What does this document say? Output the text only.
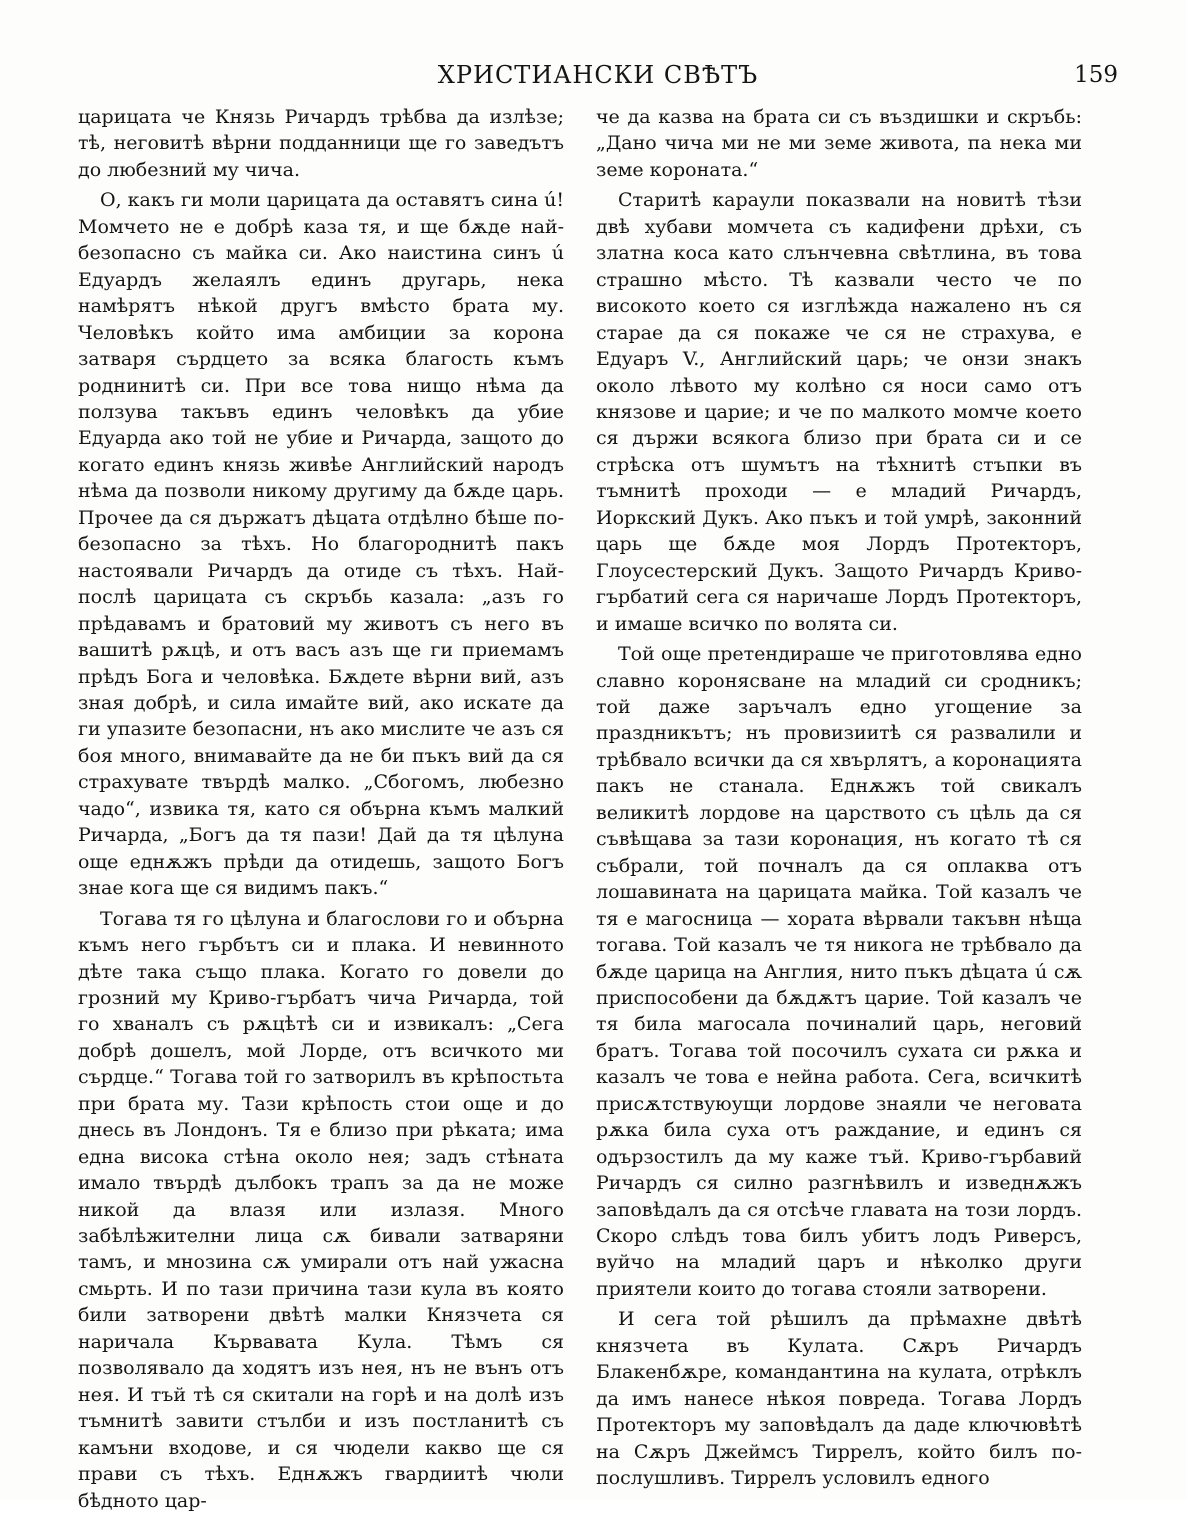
ХРИСТИАНСКИ СВѢТЪ	159

царицата че Князь Ричардъ трѣбва да излѣзе; тѣ, неговитѣ вѣрни подданници ще го заведътъ до любезний му чича.

О, какъ ги моли царицата да оставятъ сина ú! Момчето не е добрѣ каза тя, и ще бѫде най-безопасно съ майка си. Ако наистина синъ ú Едуардъ желаялъ единъ другарь, нека намѣрятъ нѣкой другъ вмѣсто брата му. Человѣкъ който има амбиции за корона затваря сърдцето за всяка благость къмъ роднинитѣ си. При все това нищо нѣма да ползува такъвъ единъ человѣкъ да убие Едуарда ако той не убие и Ричарда, защото до когато единъ князь живѣе Английский народъ нѣма да позволи никому другиму да бѫде царь. Прочее да ся държатъ дѣцата отдѣлно бѣше по-безопасно за тѣхъ. Но благороднитѣ пакъ настоявали Ричардъ да отиде съ тѣхъ. Най-послѣ царицата съ скръбь казала: „азъ го прѣдавамъ и братовий му животъ съ него въ вашитѣ рѫцѣ, и отъ васъ азъ ще ги приемамъ прѣдъ Бога и человѣка. Бѫдете вѣрни вий, азъ зная добрѣ, и сила имайте вий, ако искате да ги упазите безопасни, нъ ако мислите че азъ ся боя много, внимавайте да не би пъкъ вий да ся страхувате твърдѣ малко. „Сбогомъ, любезно чадо“, извика тя, като ся обърна къмъ малкий Ричарда, „Богъ да тя пази! Дай да тя цѣлуна още еднѫжъ прѣди да отидешь, защото Богъ знае кога ще ся видимъ пакъ.“

Тогава тя го цѣлуна и благослови го и обърна къмъ него гърбътъ си и плака. И невинното дѣте така също плака. Когато го довели до грозний му Криво-гърбатъ чича Ричарда, той го хваналъ съ рѫцѣтѣ си и извикалъ: „Сега добрѣ дошелъ, мой Лорде, отъ всичкото ми сърдце.“ Тогава той го затворилъ въ крѣпостьта при брата му. Тази крѣпость стои още и до днесь въ Лондонъ. Тя е близо при рѣката; има една висока стѣна около нея; задъ стѣната имало твърдѣ дълбокъ трапъ за да не може никой да влазя или излазя. Много забѣлѣжителни лица сѫ бивали затваряни тамъ, и мнозина сѫ умирали отъ най ужасна смьрть. И по тази причина тази кула въ която били затворени двѣтѣ малки Князчета ся наричала Кървавата Кула. Тѣмъ ся позволявало да ходятъ изъ нея, нъ не вънъ отъ нея. И тъй тѣ ся скитали на горѣ и на долѣ изъ тъмнитѣ завити стълби и изъ постланитѣ съ камъни входове, и ся чюдели какво ще ся прави съ тѣхъ. Еднѫжъ гвардиитѣ чюли бѣдното цар-

че да казва на брата си съ въздишки и скръбь: „Дано чича ми не ми земе живота, па нека ми земе короната.“

Старитѣ караули показвали на новитѣ тѣзи двѣ хубави момчета съ кадифени дрѣхи, съ златна коса като слънчевна свѣтлина, въ това страшно мѣсто. Тѣ казвали често че по високото което ся изглѣжда нажалено нъ ся старае да ся покаже че ся не страхува, е Едуаръ V., Английский царь; че онзи знакъ около лѣвото му колѣно ся носи само отъ князове и царие; и че по малкото момче което ся държи всякога близо при брата си и се стрѣска отъ шумътъ на тѣхнитѣ стъпки въ тъмнитѣ проходи — е младий Ричардъ, Иоркский Дукъ. Ако пъкъ и той умрѣ, законний царь ще бѫде моя Лордъ Протекторъ, Глоусестерский Дукъ. Защото Ричардъ Криво-гърбатий сега ся наричаше Лордъ Протекторъ, и имаше всичко по волята си.

Той още претендираше че приготовлява едно славно коронясване на младий си сродникъ; той даже заръчалъ едно угощение за праздникътъ; нъ провизиитѣ ся развалили и трѣбвало всички да ся хвърлятъ, а коронацията пакъ не станала. Еднѫжъ той свикалъ великитѣ лордове на царството съ цѣль да ся съвѣщава за тази коронация, нъ когато тѣ ся събрали, той почналъ да ся оплаква отъ лошавината на царицата майка. Той казалъ че тя е магосница — хората вѣрвали такъвн нѣща тогава. Той казалъ че тя никога не трѣбвало да бѫде царица на Англия, нито пъкъ дѣцата ú сѫ приспособени да бѫдѫтъ царие. Той казалъ че тя била магосала починалий царь, неговий братъ. Тогава той посочилъ сухата си рѫка и казалъ че това е нейна работа. Сега, всичкитѣ присѫтствуюущи лордове знаяли че неговата рѫка била суха отъ раждание, и единъ ся одързостилъ да му каже тъй. Криво-гърбавий Ричардъ ся силно разгнѣвилъ и изведнѫжъ заповѣдалъ да ся отсѣче главата на този лордъ. Скоро слѣдъ това билъ убитъ лодъ Риверсъ, вуйчо на младий царъ и нѣколко други приятели които до тогава стояли затворени.

И сега той рѣшилъ да прѣмахне двѣтѣ князчета въ Кулата. Сѫръ Ричардъ Блакенбѫре, командантина на кулата, отрѣклъ да имъ нанесе нѣкоя повреда. Тогава Лордъ Протекторъ му заповѣдалъ да даде ключювѣтѣ на Сѫръ Джеймсъ Тиррелъ, който билъ по-послушливъ. Тиррелъ условилъ едного
